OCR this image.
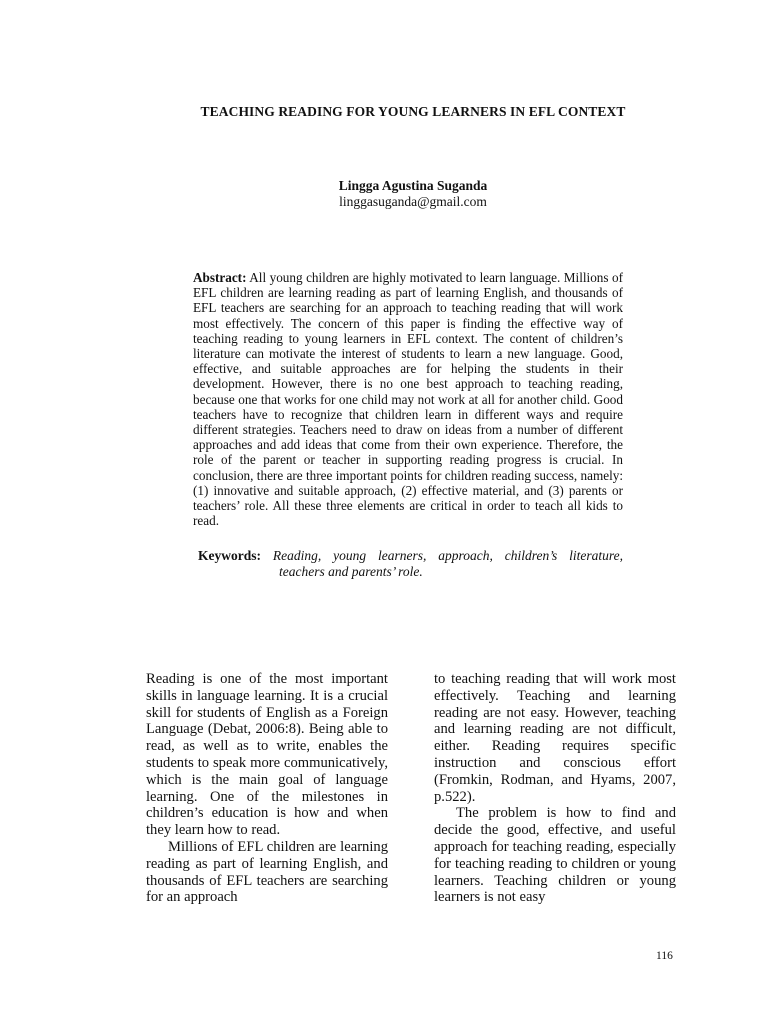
TEACHING READING FOR YOUNG LEARNERS IN EFL CONTEXT
Lingga Agustina Suganda
linggasuganda@gmail.com
Abstract: All young children are highly motivated to learn language. Millions of EFL children are learning reading as part of learning English, and thousands of EFL teachers are searching for an approach to teaching reading that will work most effectively. The concern of this paper is finding the effective way of teaching reading to young learners in EFL context. The content of children’s literature can motivate the interest of students to learn a new language. Good, effective, and suitable approaches are for helping the students in their development. However, there is no one best approach to teaching reading, because one that works for one child may not work at all for another child. Good teachers have to recognize that children learn in different ways and require different strategies. Teachers need to draw on ideas from a number of different approaches and add ideas that come from their own experience. Therefore, the role of the parent or teacher in supporting reading progress is crucial. In conclusion, there are three important points for children reading success, namely: (1) innovative and suitable approach, (2) effective material, and (3) parents or teachers’ role. All these three elements are critical in order to teach all kids to read.
Keywords: Reading, young learners, approach, children’s literature,
teachers and parents’ role.

Reading is one of the most important skills in language learning. It is a crucial skill for students of English as a Foreign Language (Debat, 2006:8). Being able to read, as well as to write, enables the students to speak more communicatively, which is the main goal of language learning. One of the milestones in children’s education is how and when they learn how to read.

Millions of EFL children are learning reading as part of learning English, and thousands of EFL teachers are searching for an approach

to teaching reading that will work most effectively. Teaching and learning reading are not easy. However, teaching and learning reading are not difficult, either. Reading requires specific instruction and conscious effort (Fromkin, Rodman, and Hyams, 2007, p.522).

The problem is how to find and decide the good, effective, and useful approach for teaching reading, especially for teaching reading to children or young learners. Teaching children or young learners is not easy

116
